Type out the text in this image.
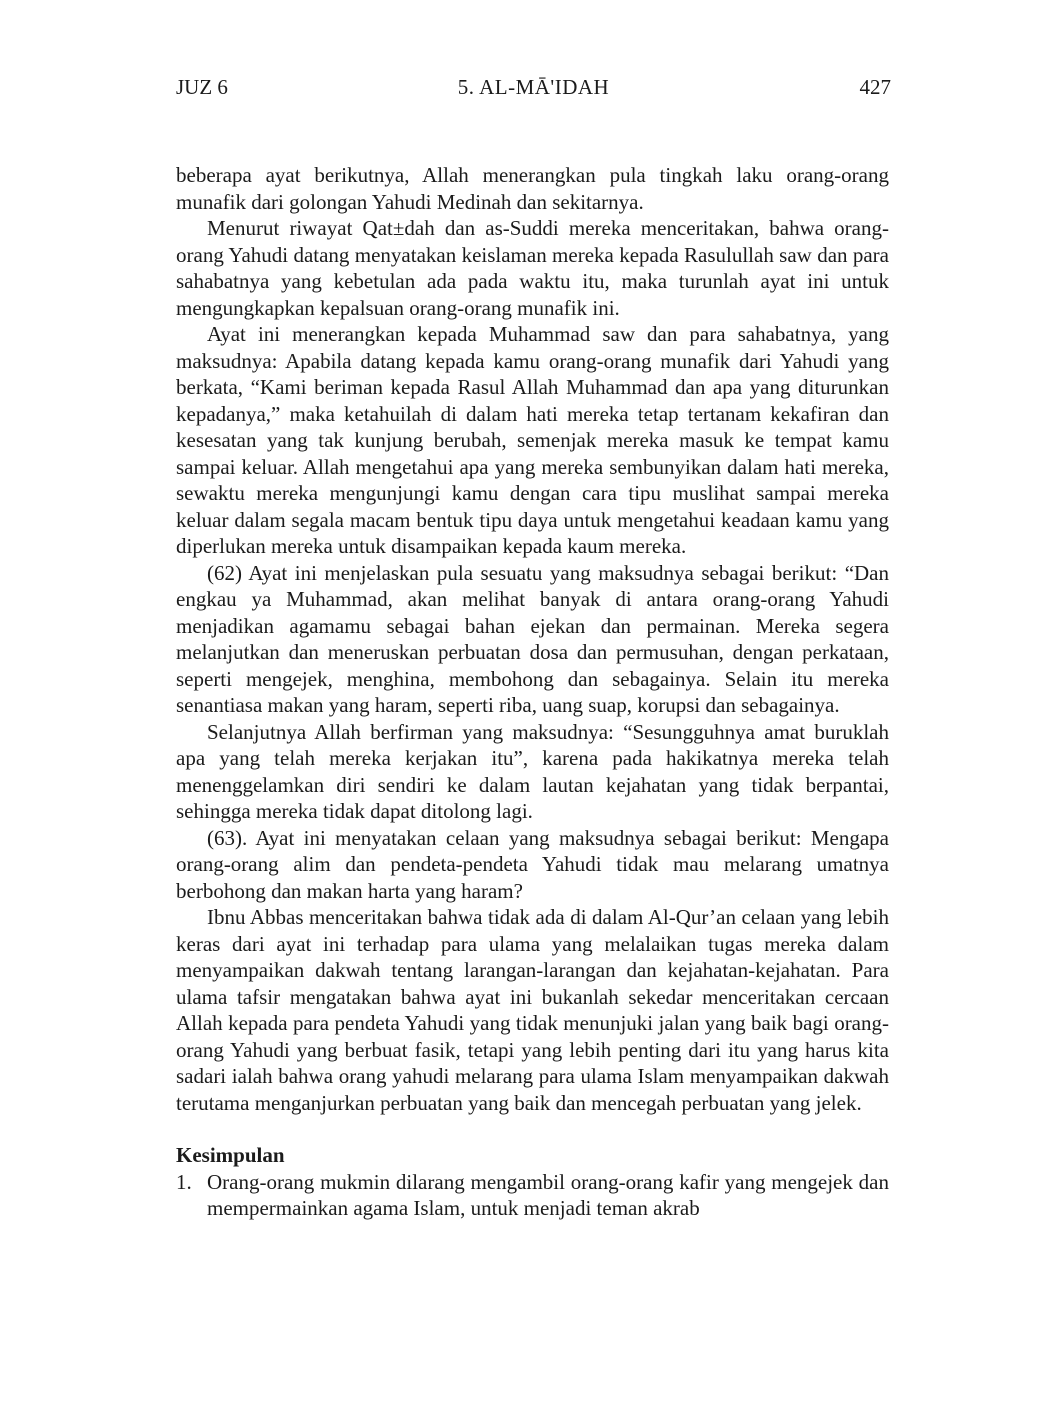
JUZ 6	5. AL-MĀ'IDAH	427

beberapa ayat berikutnya, Allah menerangkan pula tingkah laku orang-orang munafik dari golongan Yahudi Medinah dan sekitarnya.

Menurut riwayat Qat±dah dan as-Suddi mereka menceritakan, bahwa orang-orang Yahudi datang menyatakan keislaman mereka kepada Rasulullah saw dan para sahabatnya yang kebetulan ada pada waktu itu, maka turunlah ayat ini untuk mengungkapkan kepalsuan orang-orang munafik ini.

Ayat ini menerangkan kepada Muhammad saw dan para sahabatnya, yang maksudnya: Apabila datang kepada kamu orang-orang munafik dari Yahudi yang berkata, “Kami beriman kepada Rasul Allah Muhammad dan apa yang diturunkan kepadanya,” maka ketahuilah di dalam hati mereka tetap tertanam kekafiran dan kesesatan yang tak kunjung berubah, semenjak mereka masuk ke tempat kamu sampai keluar. Allah mengetahui apa yang mereka sembunyikan dalam hati mereka, sewaktu mereka mengunjungi kamu dengan cara tipu muslihat sampai mereka keluar dalam segala macam bentuk tipu daya untuk mengetahui keadaan kamu yang diperlukan mereka untuk disampaikan kepada kaum mereka.

(62) Ayat ini menjelaskan pula sesuatu yang maksudnya sebagai berikut: “Dan engkau ya Muhammad, akan melihat banyak di antara orang-orang Yahudi menjadikan agamamu sebagai bahan ejekan dan permainan. Mereka segera melanjutkan dan meneruskan perbuatan dosa dan permusuhan, dengan perkataan, seperti mengejek, menghina, membohong dan sebagainya. Selain itu mereka senantiasa makan yang haram, seperti riba, uang suap, korupsi dan sebagainya.

Selanjutnya Allah berfirman yang maksudnya: “Sesungguhnya amat buruklah apa yang telah mereka kerjakan itu”, karena pada hakikatnya mereka telah menenggelamkan diri sendiri ke dalam lautan kejahatan yang tidak berpantai, sehingga mereka tidak dapat ditolong lagi.

(63). Ayat ini menyatakan celaan yang maksudnya sebagai berikut: Mengapa orang-orang alim dan pendeta-pendeta Yahudi tidak mau melarang umatnya berbohong dan makan harta yang haram?

Ibnu Abbas menceritakan bahwa tidak ada di dalam Al-Qur’an celaan yang lebih keras dari ayat ini terhadap para ulama yang melalaikan tugas mereka dalam menyampaikan dakwah tentang larangan-larangan dan kejahatan-kejahatan. Para ulama tafsir mengatakan bahwa ayat ini bukanlah sekedar menceritakan cercaan Allah kepada para pendeta Yahudi yang tidak menunjuki jalan yang baik bagi orang-orang Yahudi yang berbuat fasik, tetapi yang lebih penting dari itu yang harus kita sadari ialah bahwa orang yahudi melarang para ulama Islam menyampaikan dakwah terutama menganjurkan perbuatan yang baik dan mencegah perbuatan yang jelek.

Kesimpulan
1. Orang-orang mukmin dilarang mengambil orang-orang kafir yang mengejek dan mempermainkan agama Islam, untuk menjadi teman akrab
